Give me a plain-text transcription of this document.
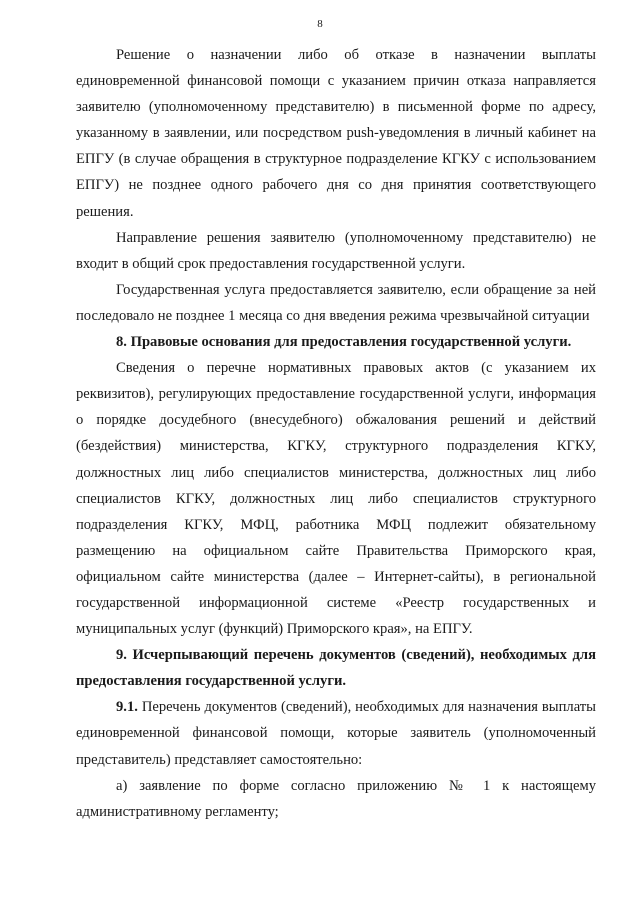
8

Решение о назначении либо об отказе в назначении выплаты единовременной финансовой помощи с указанием причин отказа направляется заявителю (уполномоченному представителю) в письменной форме по адресу, указанному в заявлении, или посредством push-уведомления в личный кабинет на ЕПГУ (в случае обращения в структурное подразделение КГКУ с использованием ЕПГУ) не позднее одного рабочего дня со дня принятия соответствующего решения.

Направление решения заявителю (уполномоченному представителю) не входит в общий срок предоставления государственной услуги.

Государственная услуга предоставляется заявителю, если обращение за ней последовало не позднее 1 месяца со дня введения режима чрезвычайной ситуации

8. Правовые основания для предоставления государственной услуги.

Сведения о перечне нормативных правовых актов (с указанием их реквизитов), регулирующих предоставление государственной услуги, информация о порядке досудебного (внесудебного) обжалования решений и действий (бездействия) министерства, КГКУ, структурного подразделения КГКУ, должностных лиц либо специалистов министерства, должностных лиц либо специалистов КГКУ, должностных лиц либо специалистов структурного подразделения КГКУ, МФЦ, работника МФЦ подлежит обязательному размещению на официальном сайте Правительства Приморского края, официальном сайте министерства (далее – Интернет-сайты), в региональной государственной информационной системе «Реестр государственных и муниципальных услуг (функций) Приморского края», на ЕПГУ.

9. Исчерпывающий перечень документов (сведений), необходимых для предоставления государственной услуги.

9.1. Перечень документов (сведений), необходимых для назначения выплаты единовременной финансовой помощи, которые заявитель (уполномоченный представитель) представляет самостоятельно:

а) заявление по форме согласно приложению № 1 к настоящему административному регламенту;
